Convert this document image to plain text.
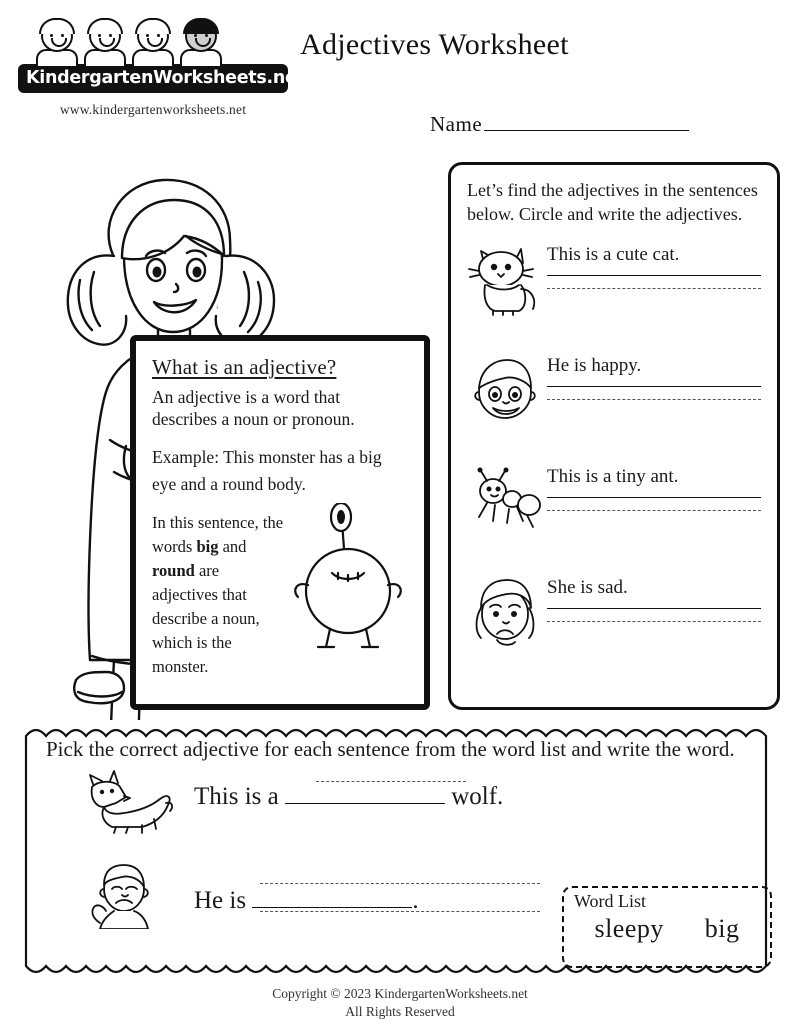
KindergartenWorksheets.net
www.kindergartenworksheets.net
Adjectives Worksheet
Name
What is an adjective?

An adjective is a word that describes a noun or pronoun.

Example: This monster has a big eye and a round body.

In this sentence, the words big and round are adjectives that describe a noun, which is the monster.
Let’s find the adjectives in the sentences below. Circle and write the adjectives.
This is a cute cat.
He is happy.
This is a tiny ant.
She is sad.

Pick the correct adjective for each sentence from the word list and write the word.

This is a	wolf.
He is	.	Word List
sleepy big
Copyright © 2023 KindergartenWorksheets.net
All Rights Reserved
